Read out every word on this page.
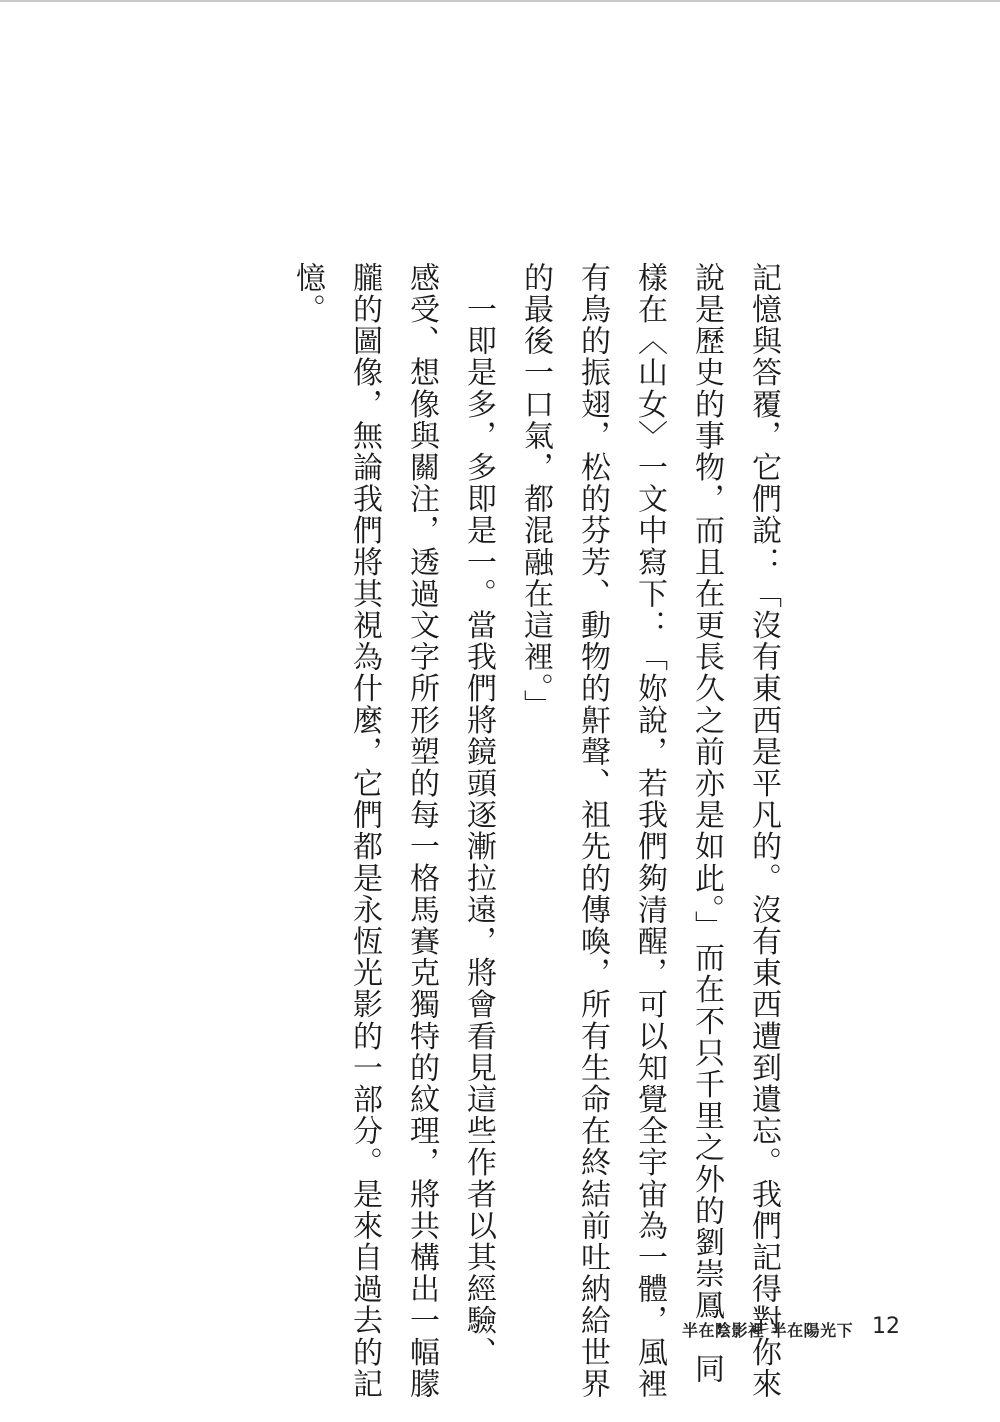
記憶與答覆，它們說：「沒有東西是平凡的。沒有東西遭到遺忘。我們記得對你來
說是歷史的事物，而且在更長久之前亦是如此。」而在不只千里之外的劉崇鳳，同
樣在〈山女〉一文中寫下：「妳說，若我們夠清醒，可以知覺全宇宙為一體，風裡
有鳥的振翅，松的芬芳、動物的鼾聲、祖先的傳喚，所有生命在終結前吐納給世界
的最後一口氣，都混融在這裡。」
　一即是多，多即是一。當我們將鏡頭逐漸拉遠，將會看見這些作者以其經驗、
感受、想像與關注，透過文字所形塑的每一格馬賽克獨特的紋理，將共構出一幅朦
朧的圖像，無論我們將其視為什麼，它們都是永恆光影的一部分。是來自過去的記
憶。
半在陰影裡 半在陽光下 12
